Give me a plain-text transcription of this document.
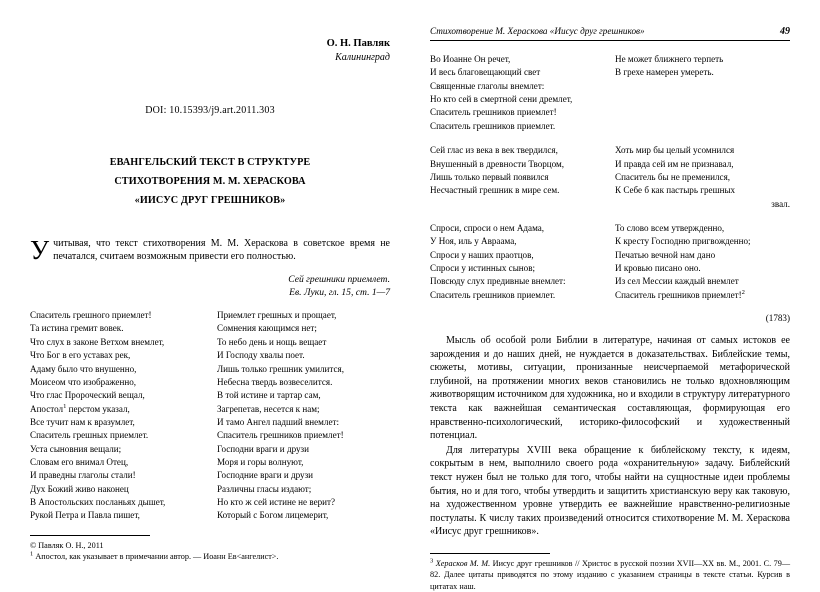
О. Н. Павляк
Калининград
DOI: 10.15393/j9.art.2011.303
ЕВАНГЕЛЬСКИЙ ТЕКСТ В СТРУКТУРЕ
СТИХОТВОРЕНИЯ М. М. ХЕРАСКОВА
«ИИСУС ДРУГ ГРЕШНИКОВ»
Учитывая, что текст стихотворения М. М. Хераскова в советское время не печатался, считаем возможным привести его полностью.
Сей грешники приемлет.
Ев. Луки, гл. 15, ст. 1—7
Спаситель грешного приемлет!
Та истина гремит вовек.
Что слух в законе Ветхом внемлет,
Что Бог в его уставах рек,
Адаму было что внушенно,
Моисеом что изображенно,
Что глас Пророческий вещал,
Апостол$^1$ перстом указал,
Все тучит нам к вразумлет,
Спаситель грешных приемлет.
Уста сыновния вещали;
Словам его внимал Отец,
И праведны глаголы стали!
Дух Божий живо наконец
В Апостольских посланьях дышет,
Рукой Петра и Павла пишет,
Приемлет грешных и прощает,
Сомнения кающимся нет;
То небо день и нощь вещает
И Господу хвалы поет.
Лишь только грешник умилится,
Небесна твердь возвеселится.
В той истине и тартар сам,
Загрепетав, несется к нам;
И тамо Ангел падший внемлет:
Спаситель грешников приемлет!
Господни враги и друзи
Моря и горы волнуют,
Господние враги и друзи
Различны гласы издают;
Но кто ж сей истине не верит?
Который с Богом лицемерит,
© Павляк О. Н., 2011
$^1$ Апостол, как указывает в примечании автор. — Иоанн Ев<ангелист>.
Стихотворение М. Хераскова «Иисус друг грешников»	49
Во Иоанне Он речет,
И весь благовещающий свет
Священные глаголы внемлет:
Но кто сей в смертной сени дремлет,
Спаситель грешников приемлет!
Спаситель грешников приемлет.
Не может ближнего терпеть
В грехе намерен умереть.
Сей глас из века в век твердился,
Внушенный в древности Творцом,
Лишь только первый появился
Несчастный грешник в мире сем.
Хоть мир бы целый усомнился
И правда сей им не признавал,
Спаситель бы не пременился,
К Себе б как пастырь грешных
звал.
Спроси, спроси о нем Адама,
У Ноя, иль у Авраама,
Спроси у наших праотцов,
Спроси у истинных сынов;
Повсюду слух предивные внемлет:
Спаситель грешников приемлет.
То слово всем утвержденно,
К кресту Господню пригвожденно;
Печатью вечной нам дано
И кровью писано оно.
Из сел Мессии каждый внемлет
Спаситель грешников приемлет!$^2$
(1783)
Мысль об особой роли Библии в литературе, начиная от самых истоков ее зарождения и до наших дней, не нуждается в доказательствах. Библейские темы, сюжеты, мотивы, ситуации, пронизанные неисчерпаемой метафорической глубиной, на протяжении многих веков становились не только вдохновляющим животворящим источником для художника, но и входили в структуру литературного текста как важнейшая семантическая составляющая, формирующая его нравственно-психологический, историко-философский и художественный потенциал.
Для литературы XVIII века обращение к библейскому тексту, к идеям, сокрытым в нем, выполнило своего рода «охранительную» задачу. Библейский текст нужен был не только для того, чтобы найти на сущностные идеи проблемы бытия, но и для того, чтобы утвердить и защитить христианскую веру как таковую, на художественном уровне утвердить ее важнейшие нравственно-религиозные постулаты. К числу таких произведений относится стихотворение М. М. Хераскова «Иисус друг грешников».
$^3$ Херасков М. М. Иисус друг грешников // Христос в русской поэзии XVII—XX вв. М., 2001. С. 79—82. Далее цитаты приводятся по этому изданию с указанием страницы в тексте статьи. Курсив в цитатах наш.
